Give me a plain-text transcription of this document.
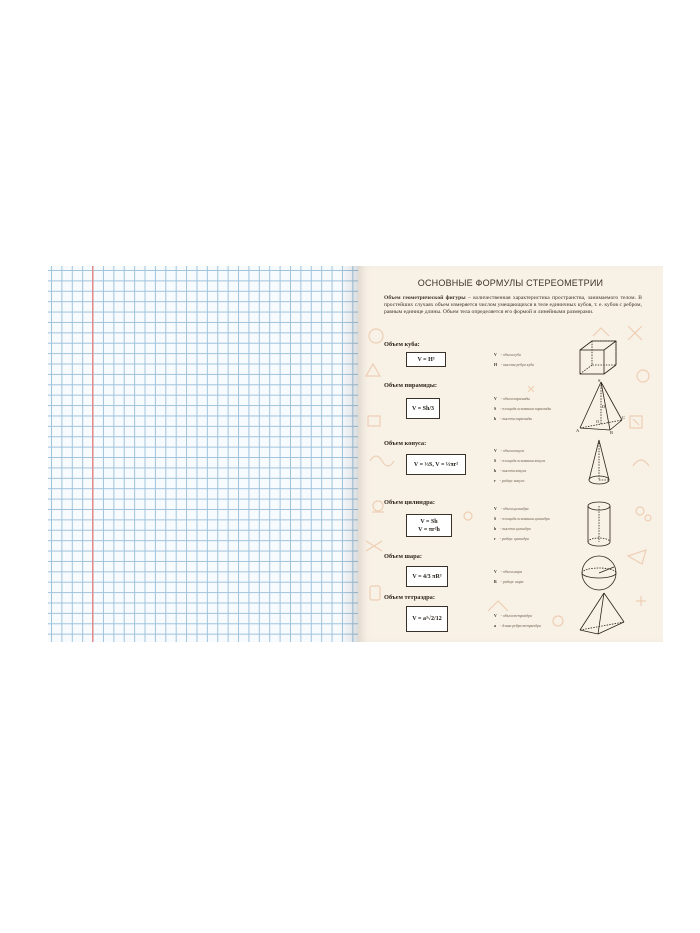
ОСНОВНЫЕ ФОРМУЛЫ СТЕРЕОМЕТРИИ
Объем геометрической фигуры – количественная характеристика пространства, занимаемого телом. В простейших случаях объем измеряется числом умещающихся в теле единичных кубов, т. е. кубов с ребром, равным единице длины. Объем тела определяется его формой и линейными размерами.
Объем куба:
V = H³
V - объем куба
H - высота ребра куба
Объем пирамиды:
V = Sh/3
V - объем пирамиды
S - площадь основания пирамиды
h - высота пирамиды
S
A	B
C
O
D
Объем конуса:
V = ⅓S, V = ⅓πr²
V - объем конуса
S - площадь основания конуса
h - высота конуса
r - радиус конуса
Объем цилиндра:
V = Sh
V = πr²h
V - объем цилиндра
S - площадь основания цилиндра
h - высота цилиндра
r - радиус цилиндра
Объем шара:
V = 4/3 πR³
V - объем шара
R - радиус шара
Объем тетраэдра:
V = a³√2/12	V - объем тетраэдра
a - длина ребра тетраэдра
